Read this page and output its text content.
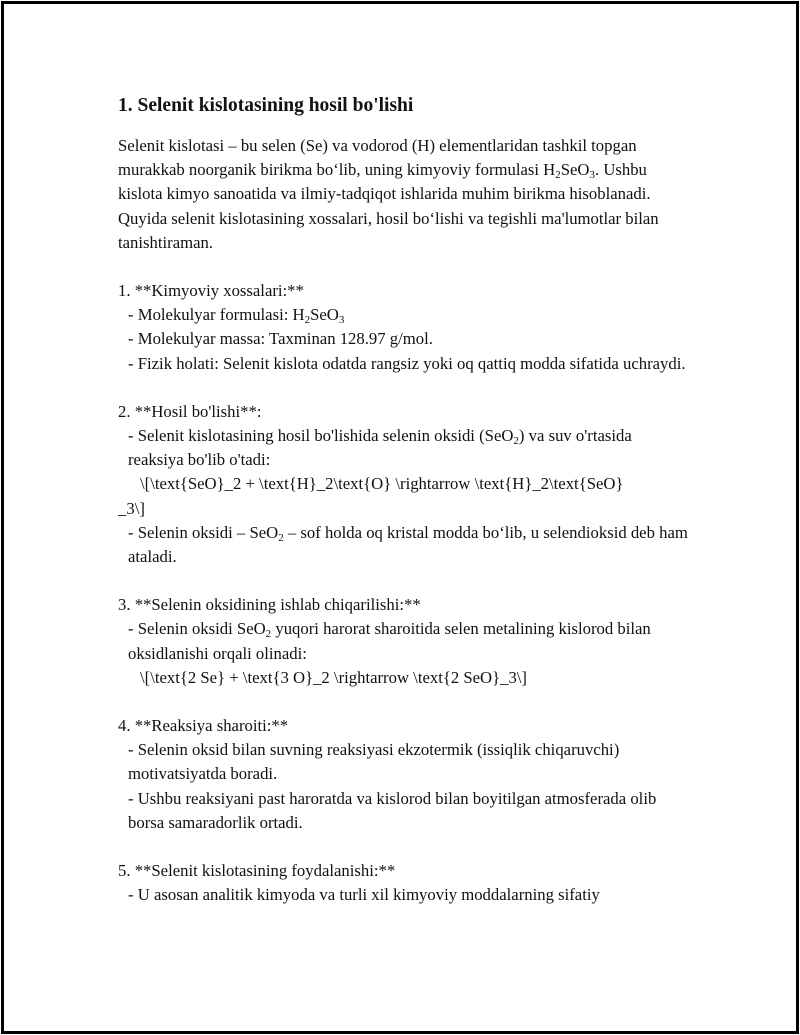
1. Selenit kislotasining hosil bo'lishi

Selenit kislotasi – bu selen (Se) va vodorod (H) elementlaridan tashkil topgan murakkab noorganik birikma bo‘lib, uning kimyoviy formulasi $H_2SeO_3$. Ushbu kislota kimyo sanoatida va ilmiy-tadqiqot ishlarida muhim birikma hisoblanadi. Quyida selenit kislotasining xossalari, hosil bo‘lishi va tegishli ma'lumotlar bilan tanishtiraman.

1. **Kimyoviy xossalari:**
- Molekulyar formulasi: $H_2SeO_3$
- Molekulyar massa: Taxminan 128.97 g/mol.
- Fizik holati: Selenit kislota odatda rangsiz yoki oq qattiq modda sifatida uchraydi.
2. **Hosil bo'lishi**:
- Selenit kislotasining hosil bo'lishida selenin oksidi (SeO$_2$) va suv o'rtasida reaksiya bo'lib o'tadi:
\[\text{SeO}_2 + \text{H}_2\text{O} \rightarrow \text{H}_2\text{SeO}
_3\]
- Selenin oksidi – SeO$_2$ – sof holda oq kristal modda bo‘lib, u selendioksid deb ham ataladi.
3. **Selenin oksidining ishlab chiqarilishi:**
- Selenin oksidi SeO$_2$ yuqori harorat sharoitida selen metalining kislorod bilan oksidlanishi orqali olinadi:
\[\text{2 Se} + \text{3 O}_2 \rightarrow \text{2 SeO}_3\]
4. **Reaksiya sharoiti:**
- Selenin oksid bilan suvning reaksiyasi ekzotermik (issiqlik chiqaruvchi) motivatsiyatda boradi.
- Ushbu reaksiyani past haroratda va kislorod bilan boyitilgan atmosferada olib borsa samaradorlik ortadi.
5. **Selenit kislotasining foydalanishi:**
- U asosan analitik kimyoda va turli xil kimyoviy moddalarning sifatiy
